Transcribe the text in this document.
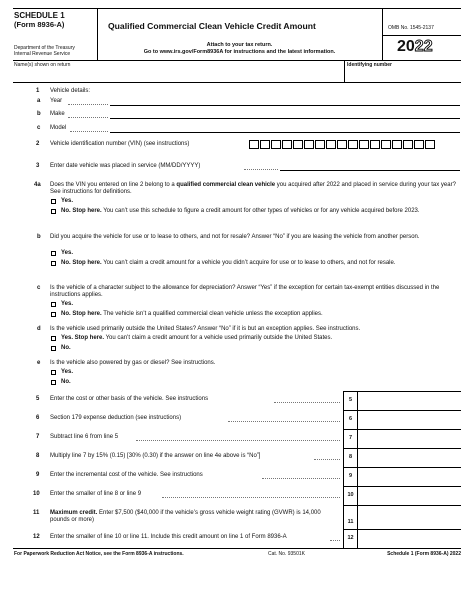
SCHEDULE 1
(Form 8936-A)
Department of the Treasury
Internal Revenue Service
Qualified Commercial Clean Vehicle Credit Amount
Attach to your tax return.
Go to www.irs.gov/Form8936A for instructions and the latest information.
OMB No. 1545-2137
2022
Name(s) shown on return	Identifying number
1 Vehicle details:
a Year
b Make
c Model
2 Vehicle identification number (VIN) (see instructions)
3 Enter date vehicle was placed in service (MM/DD/YYYY)
4a Does the VIN you entered on line 2 belong to a qualified commercial clean vehicle you acquired after 2022 and placed in service during your tax year? See instructions for definitions.
Yes.
No. Stop here. You can’t use this schedule to figure a credit amount for other types of vehicles or for any vehicle acquired before 2023.
b Did you acquire the vehicle for use or to lease to others, and not for resale? Answer “No” if you are leasing the vehicle from another person.
Yes.
No. Stop here. You can’t claim a credit amount for a vehicle you didn’t acquire for use or to lease to others, and not for resale.
c Is the vehicle of a character subject to the allowance for depreciation? Answer “Yes” if the exception for certain tax-exempt entities discussed in the instructions applies.
Yes.
No. Stop here. The vehicle isn’t a qualified commercial clean vehicle unless the exception applies.
d Is the vehicle used primarily outside the United States? Answer “No” if it is but an exception applies. See instructions.
Yes. Stop here. You can’t claim a credit amount for a vehicle used primarily outside the United States.
No.
e Is the vehicle also powered by gas or diesel? See instructions.
Yes.
No.
5 Enter the cost or other basis of the vehicle. See instructions	5
6 Section 179 expense deduction (see instructions)	6
7 Subtract line 6 from line 5	7
8 Multiply line 7 by 15% (0.15) [30% (0.30) if the answer on line 4e above is “No”]	8
9 Enter the incremental cost of the vehicle. See instructions	9
10 Enter the smaller of line 8 or line 9	10
11 Maximum credit. Enter $7,500 ($40,000 if the vehicle’s gross vehicle weight rating (GVWR) is 14,000 pounds or more)	11
12 Enter the smaller of line 10 or line 11. Include this credit amount on line 1 of Form 8936-A	12
For Paperwork Reduction Act Notice, see the Form 8936-A instructions.	Cat. No. 93501K	Schedule 1 (Form 8936-A) 2022
